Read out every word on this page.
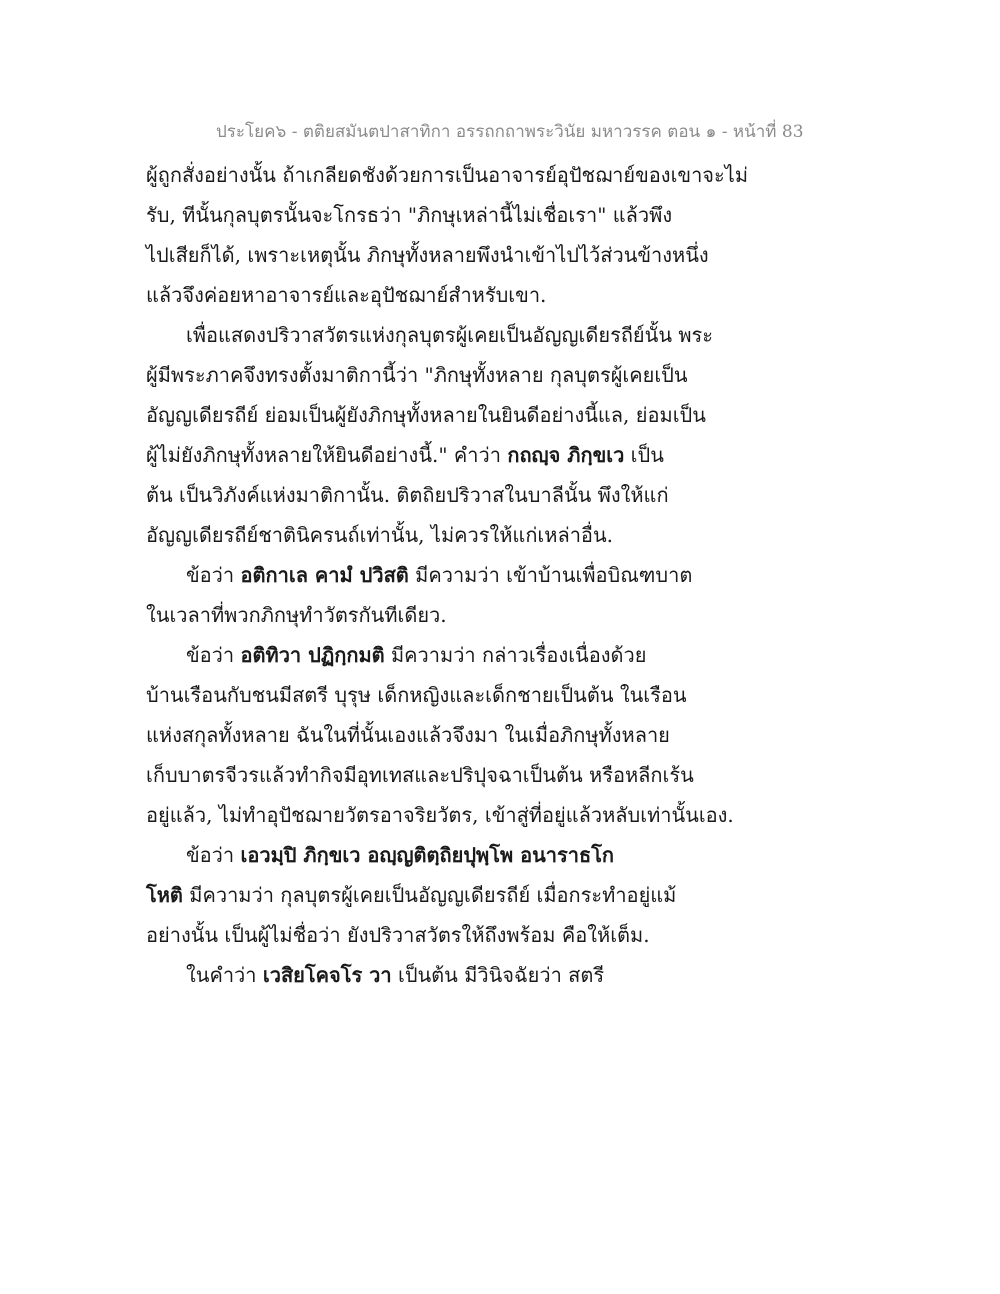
ประโยค๖ - ตติยสมันตปาสาทิกา อรรถกถาพระวินัย มหาวรรค ตอน ๑ - หน้าที่ 83
ผู้ถูกสั่งอย่างนั้น ถ้าเกลียดชังด้วยการเป็นอาจารย์อุปัชฌาย์ของเขาจะไม่
รับ, ทีนั้นกุลบุตรนั้นจะโกรธว่า "ภิกษุเหล่านี้ไม่เชื่อเรา" แล้วพึง
ไปเสียก็ได้, เพราะเหตุนั้น ภิกษุทั้งหลายพึงนำเข้าไปไว้ส่วนข้างหนึ่ง
แล้วจึงค่อยหาอาจารย์และอุปัชฌาย์สำหรับเขา.
เพื่อแสดงปริวาสวัตรแห่งกุลบุตรผู้เคยเป็นอัญญเดียรถีย์นั้น พระ
ผู้มีพระภาคจึงทรงตั้งมาติกานี้ว่า "ภิกษุทั้งหลาย กุลบุตรผู้เคยเป็น
อัญญเดียรถีย์ ย่อมเป็นผู้ยังภิกษุทั้งหลายในยินดีอย่างนี้แล, ย่อมเป็น
ผู้ไม่ยังภิกษุทั้งหลายให้ยินดีอย่างนี้." คำว่า กถญฺจ ภิกฺขเว เป็น
ต้น เป็นวิภังค์แห่งมาติกานั้น. ติตถิยปริวาสในบาลีนั้น พึงให้แก่
อัญญเดียรถีย์ชาตินิครนถ์เท่านั้น, ไม่ควรให้แก่เหล่าอื่น.
ข้อว่า อติกาเล คามํ ปวิสติ มีความว่า เข้าบ้านเพื่อบิณฑบาต
ในเวลาที่พวกภิกษุทำวัตรกันทีเดียว.
ข้อว่า อติทิวา ปฏิกฺกมติ มีความว่า กล่าวเรื่องเนื่องด้วย
บ้านเรือนกับชนมีสตรี บุรุษ เด็กหญิงและเด็กชายเป็นต้น ในเรือน
แห่งสกุลทั้งหลาย ฉันในที่นั้นเองแล้วจึงมา ในเมื่อภิกษุทั้งหลาย
เก็บบาตรจีวรแล้วทำกิจมีอุทเทสและปริปุจฉาเป็นต้น หรือหลีกเร้น
อยู่แล้ว, ไม่ทำอุปัชฌายวัตรอาจริยวัตร, เข้าสู่ที่อยู่แล้วหลับเท่านั้นเอง.
ข้อว่า เอวมฺปิ ภิกฺขเว อญฺญติตฺถิยปุพฺโพ อนาราธโก
โหติ มีความว่า กุลบุตรผู้เคยเป็นอัญญเดียรถีย์ เมื่อกระทำอยู่แม้
อย่างนั้น เป็นผู้ไม่ชื่อว่า ยังปริวาสวัตรให้ถึงพร้อม คือให้เต็ม.
ในคำว่า เวสิยโคจโร วา เป็นต้น มีวินิจฉัยว่า สตรี
